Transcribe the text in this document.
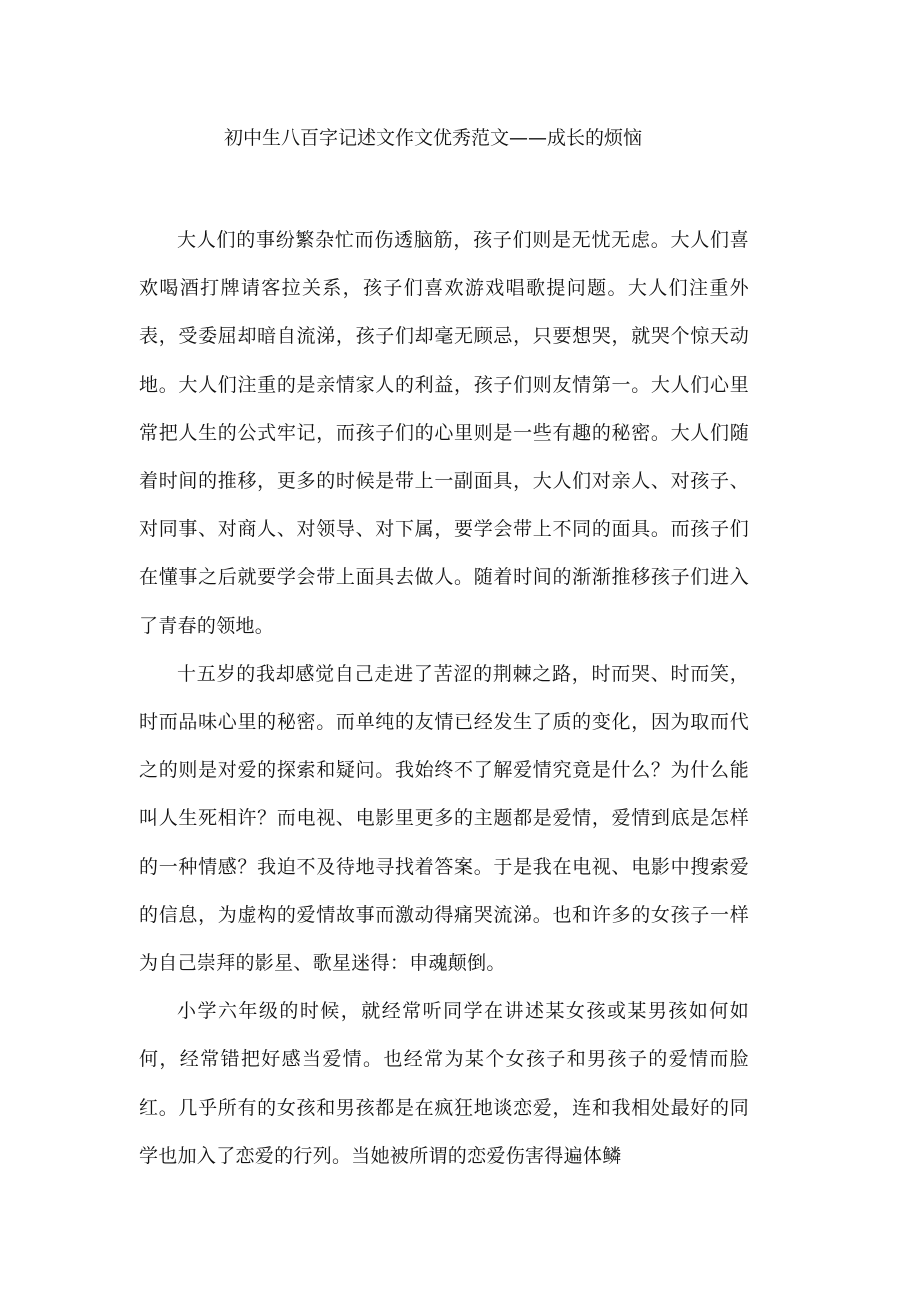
初中生八百字记述文作文优秀范文——成长的烦恼

大人们的事纷繁杂忙而伤透脑筋，孩子们则是无忧无虑。大人们喜欢喝酒打牌请客拉关系，孩子们喜欢游戏唱歌提问题。大人们注重外表，受委屈却暗自流涕，孩子们却毫无顾忌，只要想哭，就哭个惊天动地。大人们注重的是亲情家人的利益，孩子们则友情第一。大人们心里常把人生的公式牢记，而孩子们的心里则是一些有趣的秘密。大人们随着时间的推移，更多的时候是带上一副面具，大人们对亲人、对孩子、对同事、对商人、对领导、对下属，要学会带上不同的面具。而孩子们在懂事之后就要学会带上面具去做人。随着时间的渐渐推移孩子们进入了青春的领地。

十五岁的我却感觉自己走进了苦涩的荆棘之路，时而哭、时而笑，时而品味心里的秘密。而单纯的友情已经发生了质的变化，因为取而代之的则是对爱的探索和疑问。我始终不了解爱情究竟是什么？为什么能叫人生死相许？而电视、电影里更多的主题都是爱情，爱情到底是怎样的一种情感？我迫不及待地寻找着答案。于是我在电视、电影中搜索爱的信息，为虚构的爱情故事而激动得痛哭流涕。也和许多的女孩子一样为自己崇拜的影星、歌星迷得：申魂颠倒。

小学六年级的时候，就经常听同学在讲述某女孩或某男孩如何如何，经常错把好感当爱情。也经常为某个女孩子和男孩子的爱情而脸红。几乎所有的女孩和男孩都是在疯狂地谈恋爱，连和我相处最好的同学也加入了恋爱的行列。当她被所谓的恋爱伤害得遍体鳞
